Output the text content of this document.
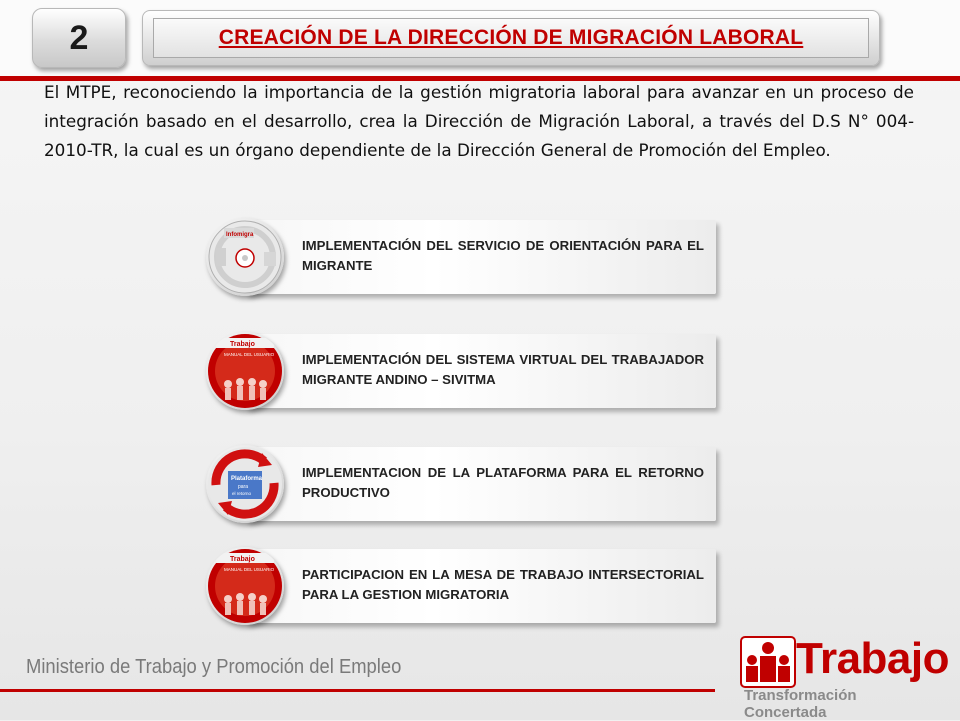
2	CREACIÓN DE LA DIRECCIÓN DE MIGRACIÓN LABORAL
El MTPE, reconociendo la importancia de la gestión migratoria laboral para avanzar en un proceso de integración basado en el desarrollo, crea la Dirección de Migración Laboral, a través del D.S N° 004-2010-TR, la cual es un órgano dependiente de la Dirección General de Promoción del Empleo.
Infomigra
IMPLEMENTACIÓN DEL SERVICIO DE ORIENTACIÓN PARA EL MIGRANTE
Trabajo
MANUAL DEL USUARIO IMPLEMENTACIÓN DEL SISTEMA VIRTUAL DEL TRABAJADOR MIGRANTE ANDINO – SIVITMA
Plataforma
para
el retorno
IMPLEMENTACION DE LA PLATAFORMA PARA EL RETORNO PRODUCTIVO
Trabajo
MANUAL DEL USUARIO PARTICIPACION EN LA MESA DE TRABAJO INTERSECTORIAL PARA LA GESTION MIGRATORIA
Ministerio de Trabajo y Promoción del Empleo	Trabajo
Transformación Concertada
